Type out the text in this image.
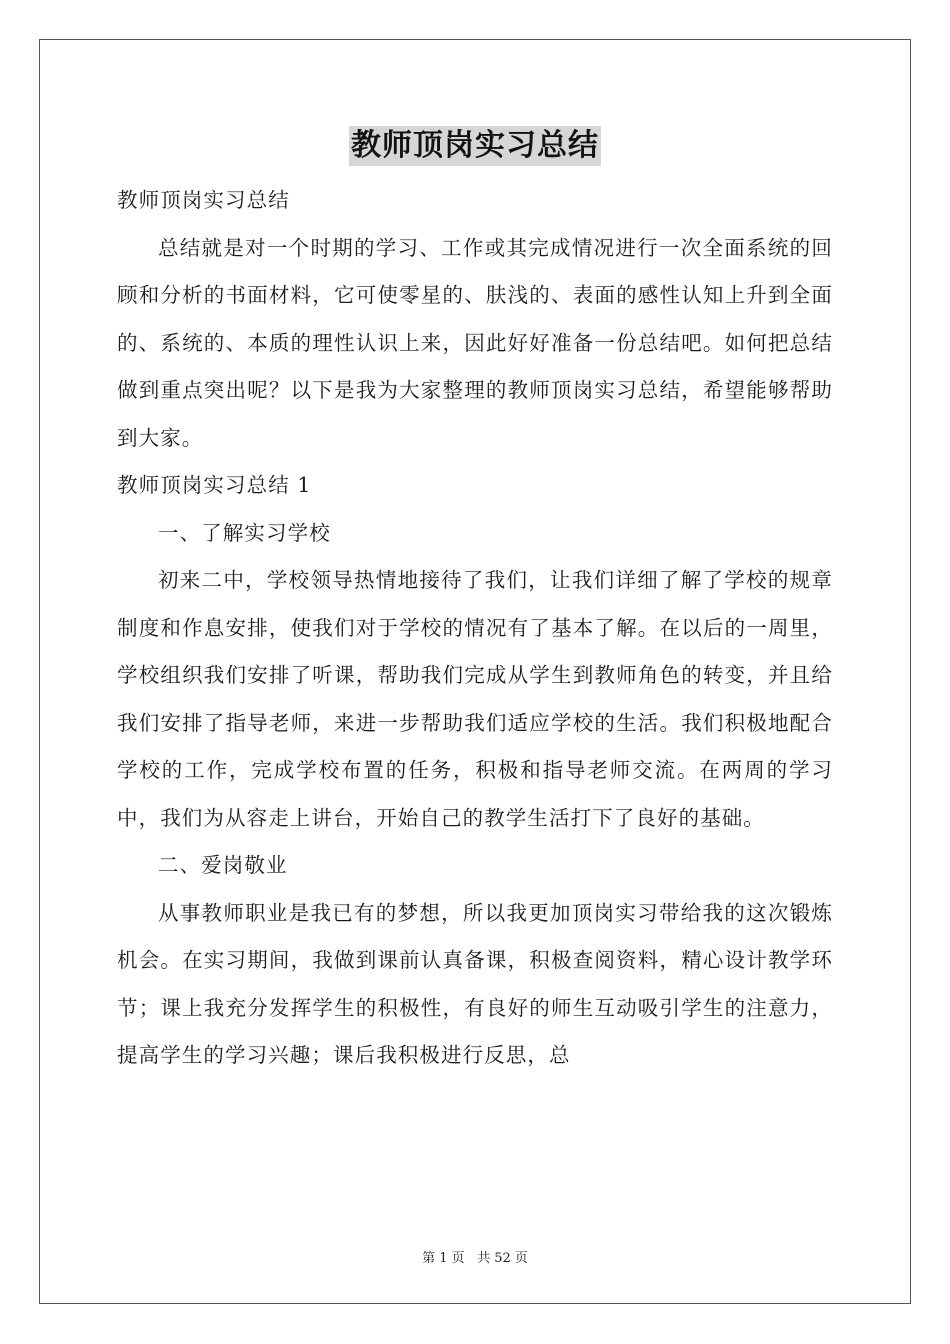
教师顶岗实习总结

教师顶岗实习总结

总结就是对一个时期的学习、工作或其完成情况进行一次全面系统的回顾和分析的书面材料，它可使零星的、肤浅的、表面的感性认知上升到全面的、系统的、本质的理性认识上来，因此好好准备一份总结吧。如何把总结做到重点突出呢？以下是我为大家整理的教师顶岗实习总结，希望能够帮助到大家。

教师顶岗实习总结 1

一、了解实习学校

初来二中，学校领导热情地接待了我们，让我们详细了解了学校的规章制度和作息安排，使我们对于学校的情况有了基本了解。在以后的一周里，学校组织我们安排了听课，帮助我们完成从学生到教师角色的转变，并且给我们安排了指导老师，来进一步帮助我们适应学校的生活。我们积极地配合学校的工作，完成学校布置的任务，积极和指导老师交流。在两周的学习中，我们为从容走上讲台，开始自己的教学生活打下了良好的基础。

二、爱岗敬业

从事教师职业是我已有的梦想，所以我更加顶岗实习带给我的这次锻炼机会。在实习期间，我做到课前认真备课，积极查阅资料，精心设计教学环节；课上我充分发挥学生的积极性，有良好的师生互动吸引学生的注意力，提高学生的学习兴趣；课后我积极进行反思，总

第 1 页 共 52 页
